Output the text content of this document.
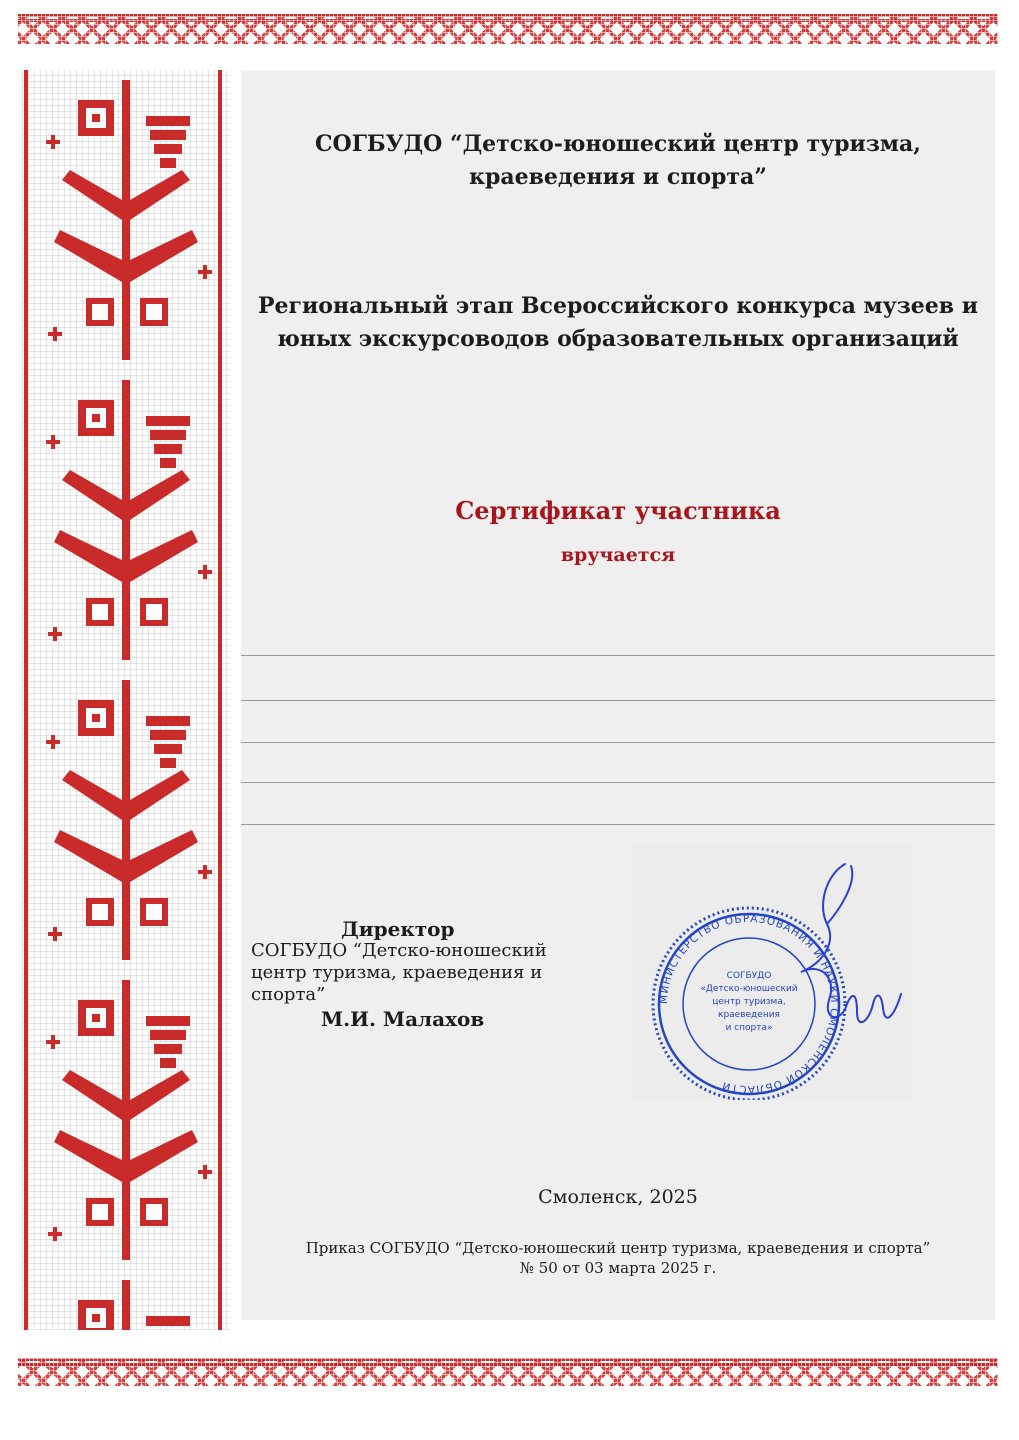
СОГБУДО “Детско-юношеский центр туризма,
краеведения и спорта”
Региональный этап Всероссийского конкурса музеев и
юных экскурсоводов образовательных организаций
Сертификат участника
вручается
Директор
СОГБУДО “Детско-юношеский
центр туризма, краеведения и
спорта”
М.И. Малахов
МИНИСТЕРСТВО ОБРАЗОВАНИЯ И НАУКИ СМОЛЕНСКОЙ ОБЛАСТИ
СОГБУДО
«Детско-юношеский
центр туризма,
краеведения
и спорта»
Смоленск, 2025
Приказ СОГБУДО “Детско-юношеский центр туризма, краеведения и спорта”
№ 50 от 03 марта 2025 г.
